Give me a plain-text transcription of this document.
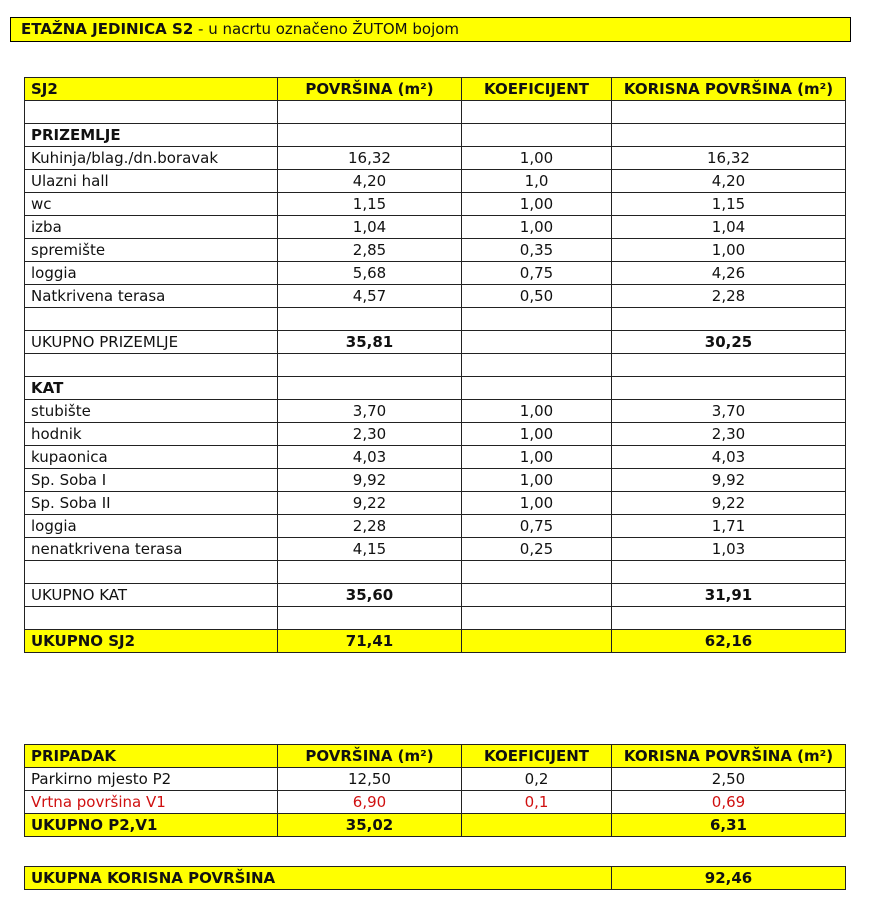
ETAŽNA JEDINICA S2 - u nacrtu označeno ŽUTOM bojom
SJ2	POVRŠINA (m²)	KOEFICIJENT	KORISNA POVRŠINA (m²)

PRIZEMLJE			
Kuhinja/blag./dn.boravak	16,32	1,00	16,32
Ulazni hall	4,20	1,0	4,20
wc	1,15	1,00	1,15
izba	1,04	1,00	1,04
spremište	2,85	0,35	1,00
loggia	5,68	0,75	4,26
Natkrivena terasa	4,57	0,50	2,28

UKUPNO PRIZEMLJE	35,81		30,25

KAT			
stubište	3,70	1,00	3,70
hodnik	2,30	1,00	2,30
kupaonica	4,03	1,00	4,03
Sp. Soba I	9,92	1,00	9,92
Sp. Soba II	9,22	1,00	9,22
loggia	2,28	0,75	1,71
nenatkrivena terasa	4,15	0,25	1,03

UKUPNO KAT	35,60		31,91

UKUPNO SJ2	71,41		62,16
PRIPADAK	POVRŠINA (m²)	KOEFICIJENT	KORISNA POVRŠINA (m²)
Parkirno mjesto P2	12,50	0,2	2,50
Vrtna površina V1	6,90	0,1	0,69
UKUPNO P2,V1	35,02		6,31
UKUPNA KORISNA POVRŠINA	92,46
